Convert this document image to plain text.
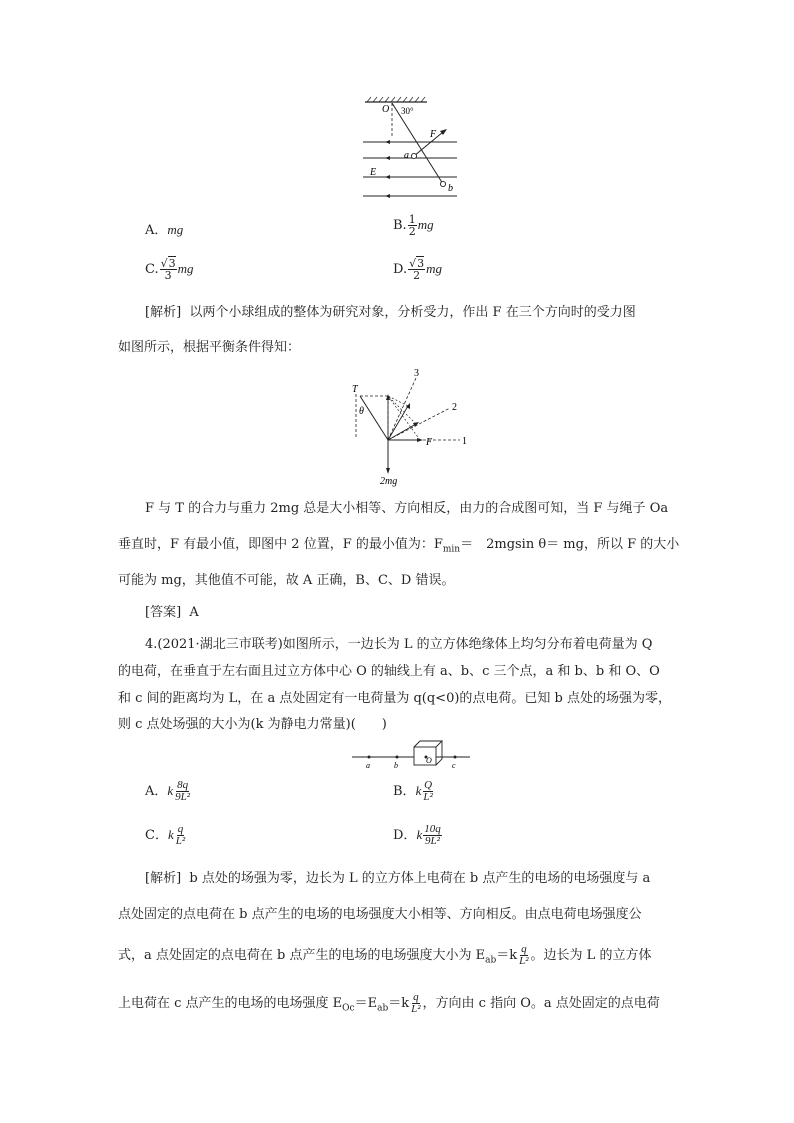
O 30°
F
a
E
b
A．mg	B. $\frac{1}{2}$ mg
C. $\frac{√3}{3}$ mg	D. $\frac{√3}{2}$ mg
[解析] 以两个小球组成的整体为研究对象，分析受力，作出 F 在三个方向时的受力图
如图所示，根据平衡条件得知：
T
θ
3
2
F	1
2mg
F 与 T 的合力与重力 2mg 总是大小相等、方向相反，由力的合成图可知，当 F 与绳子 Oa
垂直时，F 有最小值，即图中 2 位置，F 的最小值为：$F_{min}=$　2mgsin θ＝ mg，所以 F 的大小
可能为 mg，其他值不可能，故 A 正确，B、C、D 错误。
[答案] A
4.(2021·湖北三市联考)如图所示，一边长为 L 的立方体绝缘体上均匀分布着电荷量为 Q
的电荷，在垂直于左右面且过立方体中心 O 的轴线上有 a、b、c 三个点，a 和 b、b 和 O、O
和 c 间的距离均为 L，在 a 点处固定有一电荷量为 q(q<0)的点电荷。已知 b 点处的场强为零，
则 c 点处场强的大小为(k 为静电力常量)(　　)
a	b
O
c
A．k $\frac{8q}{\text{9L²}}$	B．k $\frac{Q}{\text{L²}}$
C．k $\frac{q}{\text{L²}}$	D．k $\frac{10q}{\text{9L²}}$
[解析] b 点处的场强为零，边长为 L 的立方体上电荷在 b 点产生的电场的电场强度与 a
点处固定的点电荷在 b 点产生的电场的电场强度大小相等、方向相反。由点电荷电场强度公
式，a 点处固定的点电荷在 b 点产生的电场的电场强度大小为 $E_{ab}=k \frac{q}{\text{L²}}$ 。边长为 L 的立方体
上电荷在 c 点产生的电场的电场强度 $E_{Oc}=E_{ab}=k \frac{q}{\text{L²}}$ ，方向由 c 指向 O。a 点处固定的点电荷
